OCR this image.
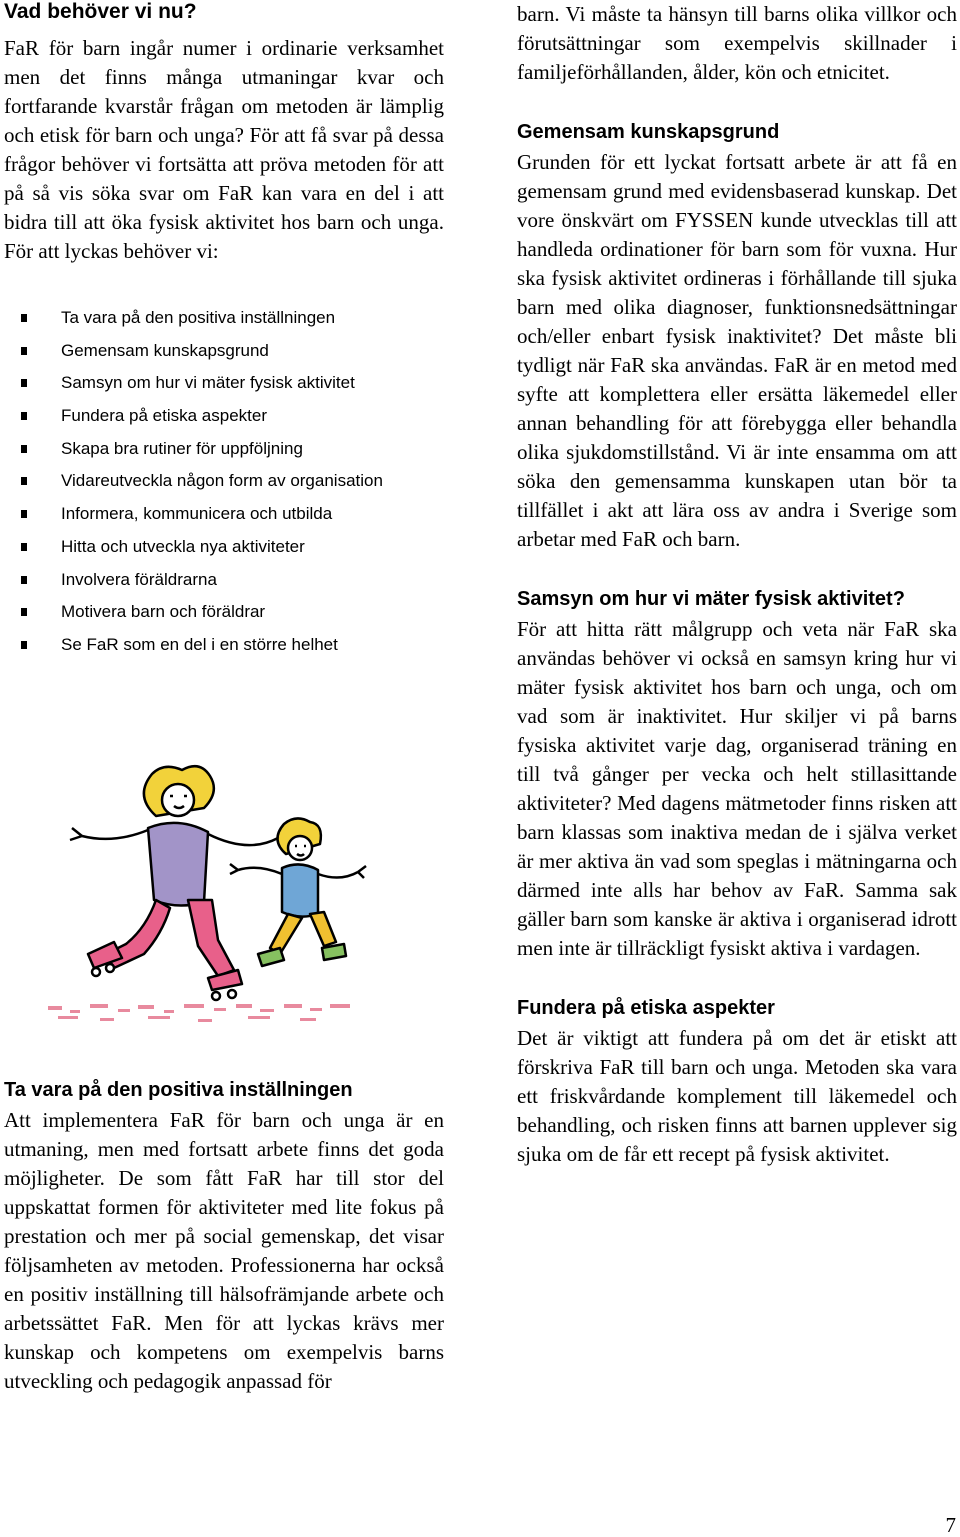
Vad behöver vi nu?

FaR för barn ingår numer i ordinarie verksamhet men det finns många utmaningar kvar och fortfarande kvarstår frågan om metoden är lämplig och etisk för barn och unga? För att få svar på dessa frågor behöver vi fortsätta att pröva metoden för att på så vis söka svar om FaR kan vara en del i att bidra till att öka fysisk aktivitet hos barn och unga. För att lyckas behöver vi:

Ta vara på den positiva inställningen
Gemensam kunskapsgrund
Samsyn om hur vi mäter fysisk aktivitet
Fundera på etiska aspekter
Skapa bra rutiner för uppföljning
Vidareutveckla någon form av organisation
Informera, kommunicera och utbilda
Hitta och utveckla nya aktiviteter
Involvera föräldrarna
Motivera barn och föräldrar
Se FaR som en del i en större helhet
Ta vara på den positiva inställningen

Att implementera FaR för barn och unga är en utmaning, men med fortsatt arbete finns det goda möjligheter. De som fått FaR har till stor del uppskattat formen för aktiviteter med lite fokus på prestation och mer på social gemenskap, det visar följsamheten av metoden. Professionerna har också en positiv inställning till hälsofrämjande arbete och arbetssättet FaR. Men för att lyckas krävs mer kunskap och kompetens om exempelvis barns utveckling och pedagogik anpassad för

barn. Vi måste ta hänsyn till barns olika villkor och förutsättningar som exempelvis skillnader i familjeförhållanden, ålder, kön och etnicitet.

Gemensam kunskapsgrund

Grunden för ett lyckat fortsatt arbete är att få en gemensam grund med evidensbaserad kunskap. Det vore önskvärt om FYSSEN kunde utvecklas till att handleda ordinationer för barn som för vuxna. Hur ska fysisk aktivitet ordineras i förhållande till sjuka barn med olika diagnoser, funktionsnedsättningar och/eller enbart fysisk inaktivitet? Det måste bli tydligt när FaR ska användas. FaR är en metod med syfte att komplettera eller ersätta läkemedel eller annan behandling för att förebygga eller behandla olika sjukdomstillstånd. Vi är inte ensamma om att söka den gemensamma kunskapen utan bör ta tillfället i akt att lära oss av andra i Sverige som arbetar med FaR och barn.

Samsyn om hur vi mäter fysisk aktivitet?

För att hitta rätt målgrupp och veta när FaR ska användas behöver vi också en samsyn kring hur vi mäter fysisk aktivitet hos barn och unga, och om vad som är inaktivitet. Hur skiljer vi på barns fysiska aktivitet varje dag, organiserad träning en till två gånger per vecka och helt stillasittande aktiviteter? Med dagens mätmetoder finns risken att barn klassas som inaktiva medan de i själva verket är mer aktiva än vad som speglas i mätningarna och därmed inte alls har behov av FaR. Samma sak gäller barn som kanske är aktiva i organiserad idrott men inte är tillräckligt fysiskt aktiva i vardagen.

Fundera på etiska aspekter

Det är viktigt att fundera på om det är etiskt att förskriva FaR till barn och unga. Metoden ska vara ett friskvårdande komplement till läkemedel och behandling, och risken finns att barnen upplever sig sjuka om de får ett recept på fysisk aktivitet.

7
